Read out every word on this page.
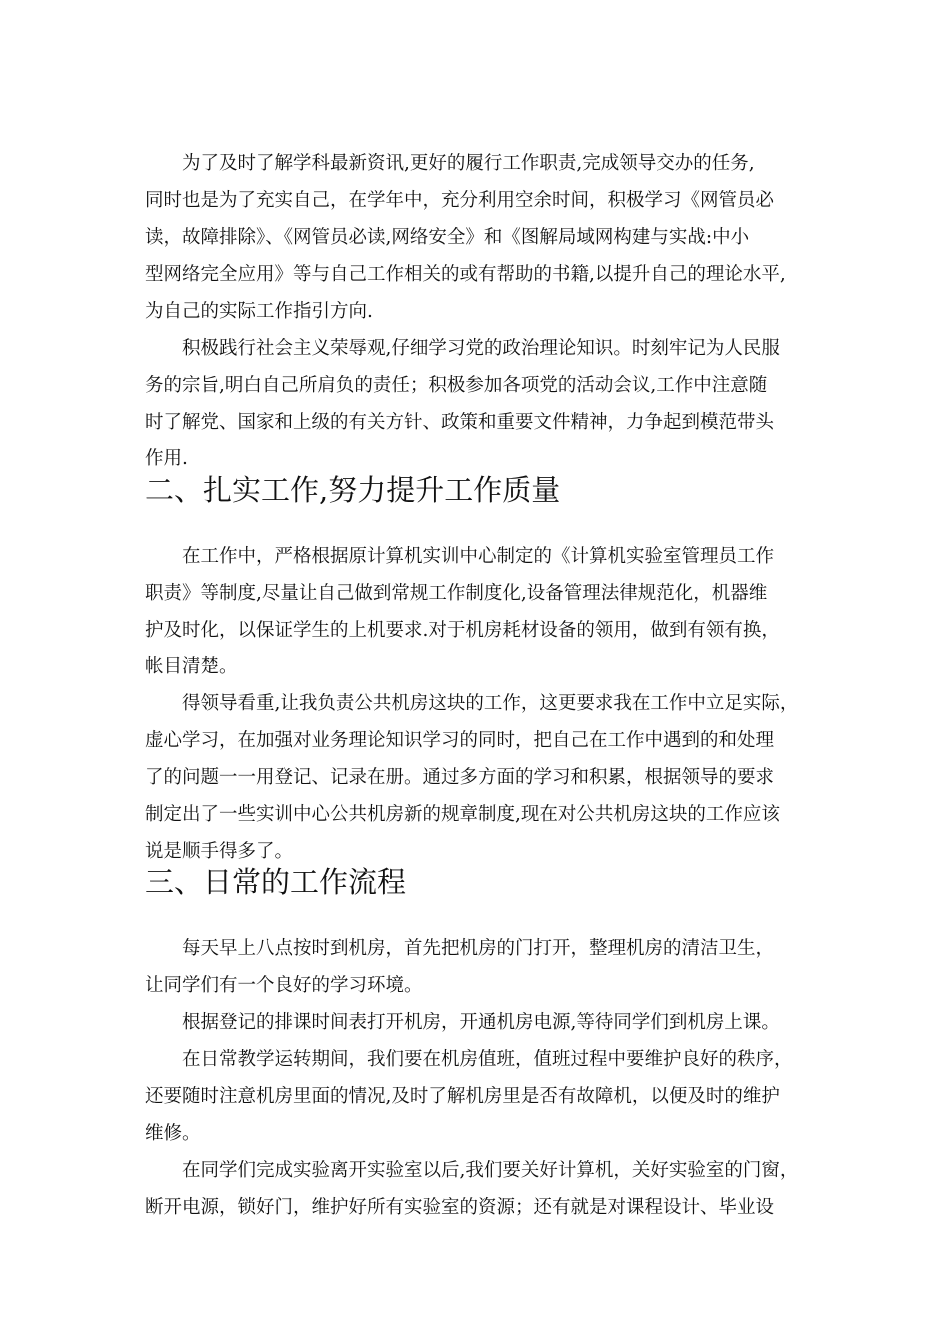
为了及时了解学科最新资讯,更好的履行工作职责,完成领导交办的任务,
同时也是为了充实自己，在学年中，充分利用空余时间，积极学习《网管员必
读，故障排除》、《网管员必读,网络安全》和《图解局域网构建与实战:中小
型网络完全应用》等与自己工作相关的或有帮助的书籍,以提升自己的理论水平,
为自己的实际工作指引方向.
积极践行社会主义荣辱观,仔细学习党的政治理论知识。时刻牢记为人民服
务的宗旨,明白自己所肩负的责任；积极参加各项党的活动会议,工作中注意随
时了解党、国家和上级的有关方针、政策和重要文件精神，力争起到模范带头
作用.
二、扎实工作,努力提升工作质量
在工作中，严格根据原计算机实训中心制定的《计算机实验室管理员工作
职责》等制度,尽量让自己做到常规工作制度化,设备管理法律规范化，机器维
护及时化，以保证学生的上机要求.对于机房耗材设备的领用，做到有领有换，
帐目清楚。
得领导看重,让我负责公共机房这块的工作，这更要求我在工作中立足实际，
虚心学习，在加强对业务理论知识学习的同时，把自己在工作中遇到的和处理
了的问题一一用登记、记录在册。通过多方面的学习和积累，根据领导的要求
制定出了一些实训中心公共机房新的规章制度,现在对公共机房这块的工作应该
说是顺手得多了。
三、日常的工作流程
每天早上八点按时到机房，首先把机房的门打开，整理机房的清洁卫生，
让同学们有一个良好的学习环境。
根据登记的排课时间表打开机房，开通机房电源,等待同学们到机房上课。
在日常教学运转期间，我们要在机房值班，值班过程中要维护良好的秩序，
还要随时注意机房里面的情况,及时了解机房里是否有故障机，以便及时的维护
维修。
在同学们完成实验离开实验室以后,我们要关好计算机，关好实验室的门窗，
断开电源，锁好门，维护好所有实验室的资源；还有就是对课程设计、毕业设
